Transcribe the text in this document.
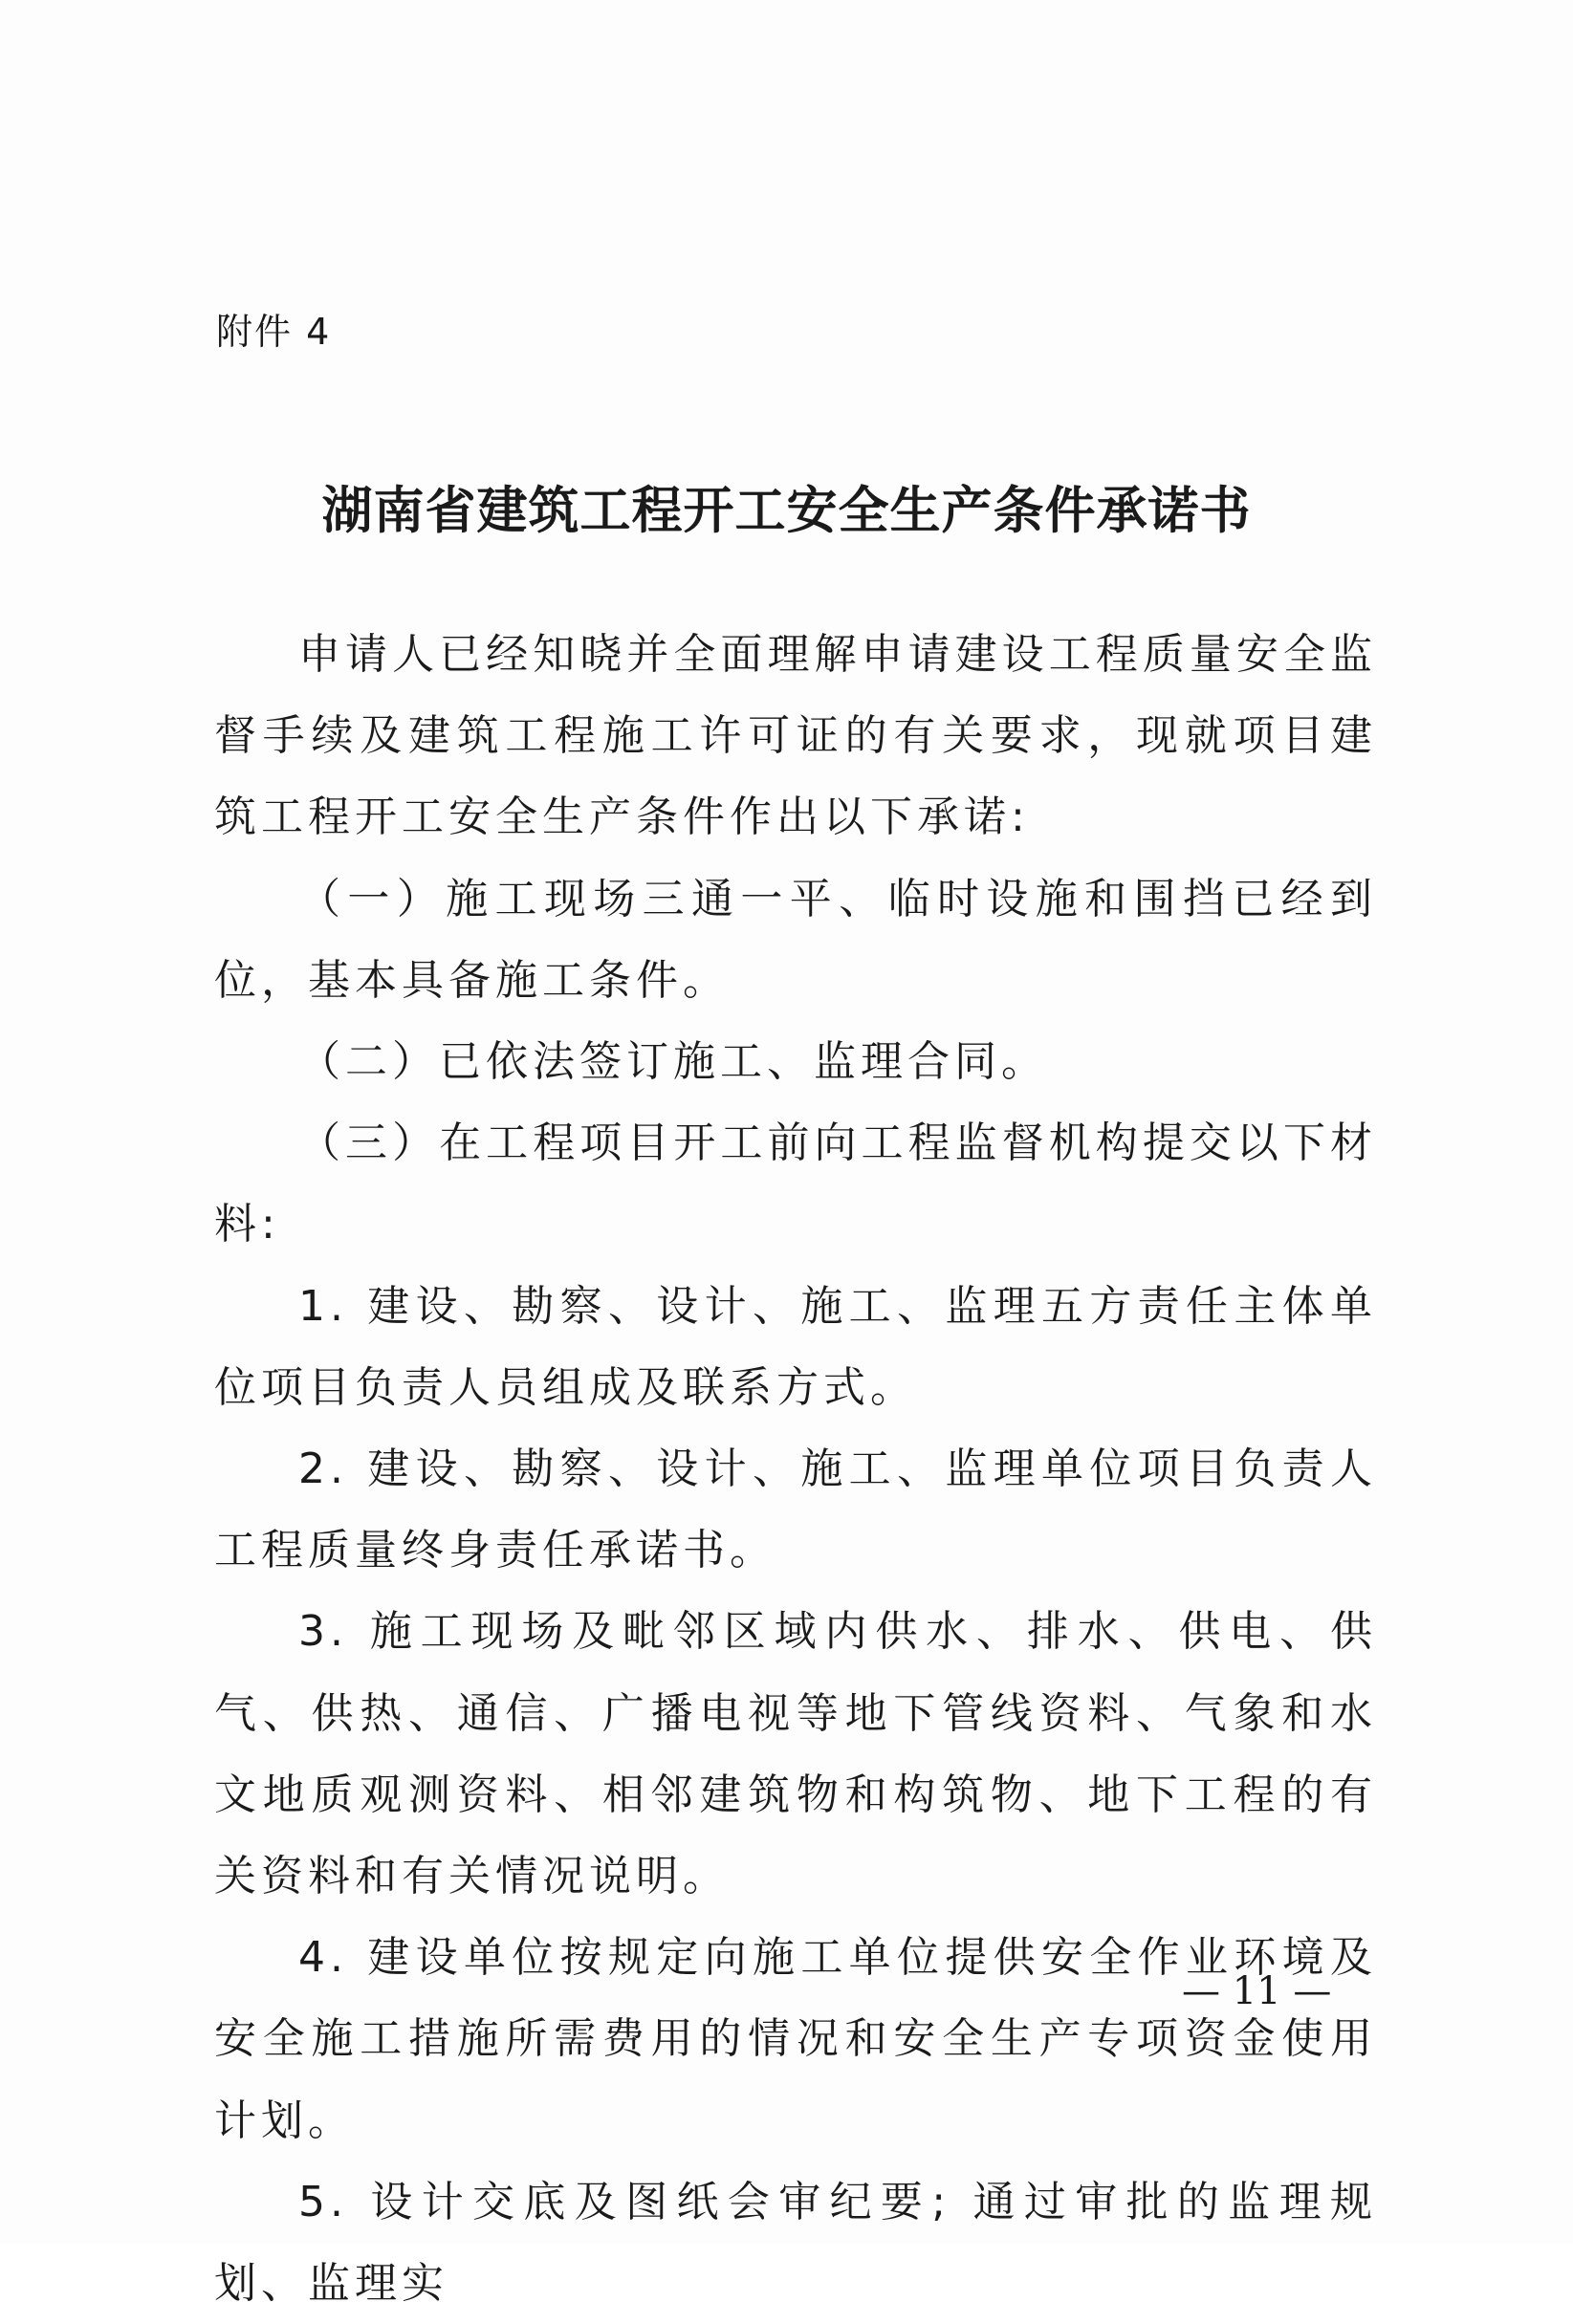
附件 4
湖南省建筑工程开工安全生产条件承诺书

申请人已经知晓并全面理解申请建设工程质量安全监督手续及建筑工程施工许可证的有关要求，现就项目建筑工程开工安全生产条件作出以下承诺:

（一）施工现场三通一平、临时设施和围挡已经到位，基本具备施工条件。

（二）已依法签订施工、监理合同。

（三）在工程项目开工前向工程监督机构提交以下材料:

1. 建设、勘察、设计、施工、监理五方责任主体单位项目负责人员组成及联系方式。

2. 建设、勘察、设计、施工、监理单位项目负责人工程质量终身责任承诺书。

3. 施工现场及毗邻区域内供水、排水、供电、供气、供热、通信、广播电视等地下管线资料、气象和水文地质观测资料、相邻建筑物和构筑物、地下工程的有关资料和有关情况说明。

4. 建设单位按规定向施工单位提供安全作业环境及安全施工措施所需费用的情况和安全生产专项资金使用计划。

5. 设计交底及图纸会审纪要; 通过审批的监理规划、监理实

— 11 —
